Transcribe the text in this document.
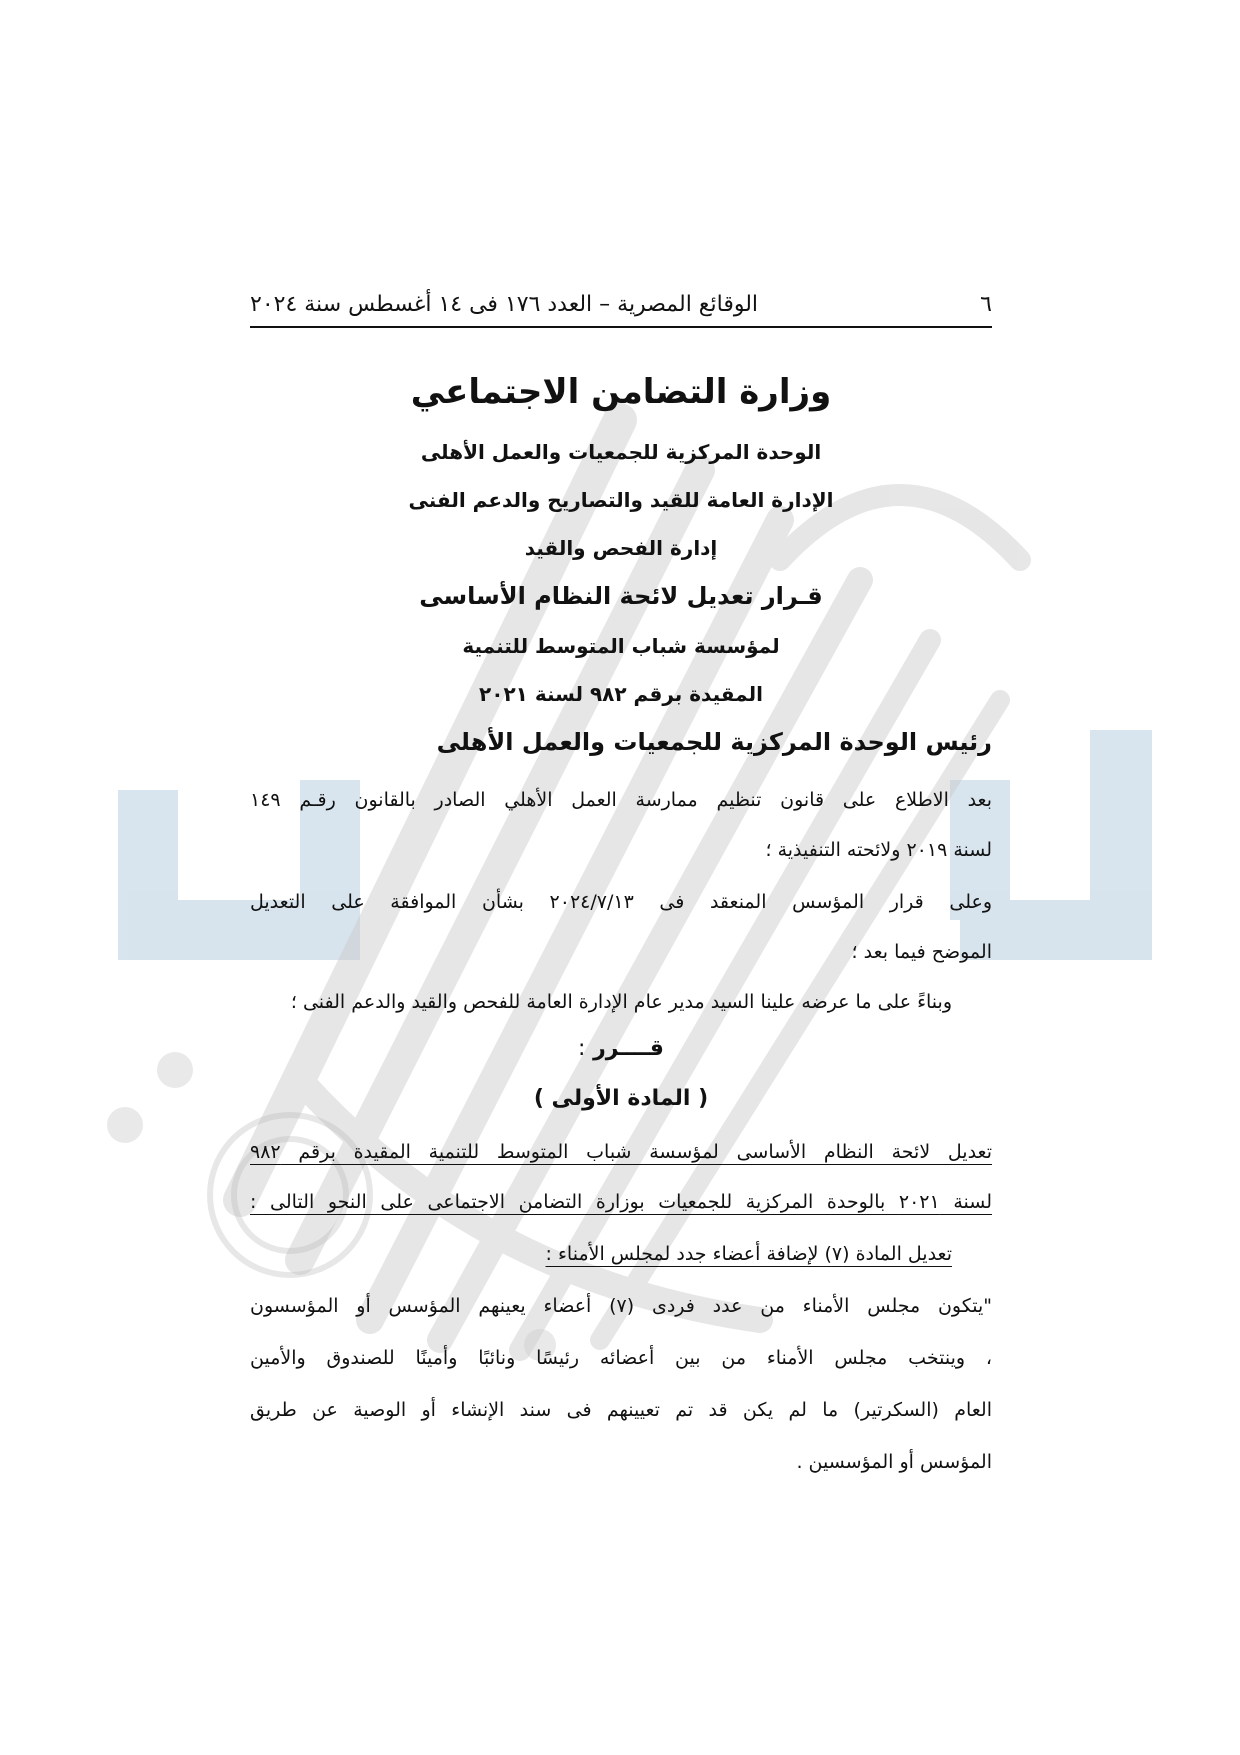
٦
الوقائع المصرية – العدد ١٧٦ فى ١٤ أغسطس سنة ٢٠٢٤
وزارة التضامن الاجتماعي
الوحدة المركزية للجمعيات والعمل الأهلى
الإدارة العامة للقيد والتصاريح والدعم الفنى
إدارة الفحص والقيد
قـرار تعديل لائحة النظام الأساسى
لمؤسسة شباب المتوسط للتنمية
المقيدة برقم ٩٨٢ لسنة ٢٠٢١
رئيس الوحدة المركزية للجمعيات والعمل الأهلى
بعد الاطلاع على قانون تنظيم ممارسة العمل الأهلي الصادر بالقانون رقـم ١٤٩
لسنة ٢٠١٩ ولائحته التنفيذية ؛
وعلى قرار المؤسس المنعقد فى ٢٠٢٤/٧/١٣ بشأن الموافقة على التعديل
الموضح فيما بعد ؛
وبناءً على ما عرضه علينا السيد مدير عام الإدارة العامة للفحص والقيد والدعم الفنى ؛
قــــرر :
( المادة الأولى )
تعديل لائحة النظام الأساسى لمؤسسة شباب المتوسط للتنمية المقيدة برقم ٩٨٢
لسنة ٢٠٢١ بالوحدة المركزية للجمعيات بوزارة التضامن الاجتماعى على النحو التالى :
تعديل المادة (٧) لإضافة أعضاء جدد لمجلس الأمناء :
"يتكون مجلس الأمناء من عدد فردى (٧) أعضاء يعينهم المؤسس أو المؤسسون
، وينتخب مجلس الأمناء من بين أعضائه رئيسًا ونائبًا وأمينًا للصندوق والأمين
العام (السكرتير) ما لم يكن قد تم تعيينهم فى سند الإنشاء أو الوصية عن طريق
المؤسس أو المؤسسين .
